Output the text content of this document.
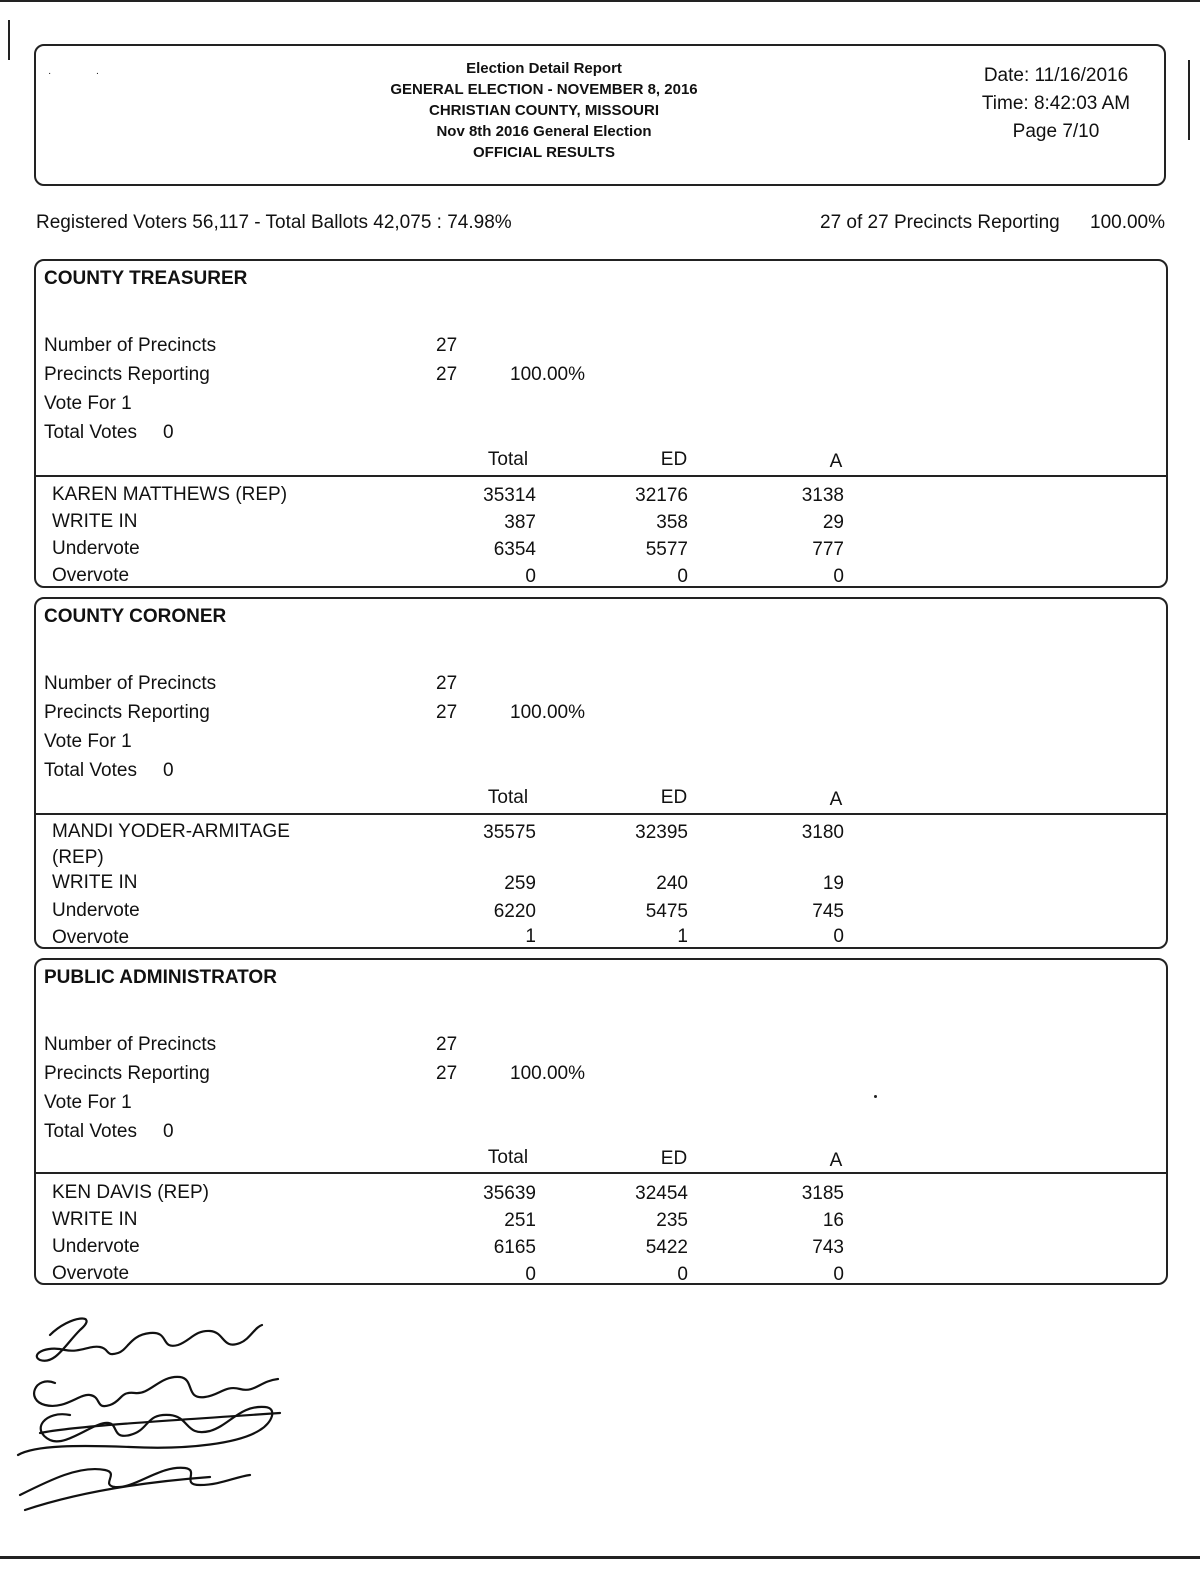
·                ·	Election Detail Report
GENERAL ELECTION - NOVEMBER 8, 2016
CHRISTIAN COUNTY, MISSOURI
Nov 8th 2016 General Election
OFFICIAL RESULTS
Date: 11/16/2016
Time: 8:42:03 AM
Page 7/10
Registered Voters 56,117 - Total Ballots 42,075 : 74.98%	27 of 27 Precincts Reporting 100.00%
COUNTY TREASURER
Number of Precincts	27
Precincts Reporting	27	100.00%
Vote For 1
Total Votes 0
Total	ED	A
KAREN MATTHEWS (REP)	35314	32176	3138
WRITE IN	387	358	29
Undervote	6354	5577	777
Overvote	0	0	0
COUNTY CORONER
Number of Precincts	27
Precincts Reporting	27	100.00%
Vote For 1
Total Votes 0
Total	ED	A
MANDI YODER-ARMITAGE
(REP)
35575	32395	3180
WRITE IN	259	240	19
Undervote	6220	5475	745
Overvote	1	1	0
PUBLIC ADMINISTRATOR
Number of Precincts	27
Precincts Reporting	27	100.00%
Vote For 1
Total Votes 0
Total	ED	A
KEN DAVIS (REP)	35639	32454	3185
WRITE IN	251	235	16
Undervote	6165	5422	743
Overvote	0	0	0
